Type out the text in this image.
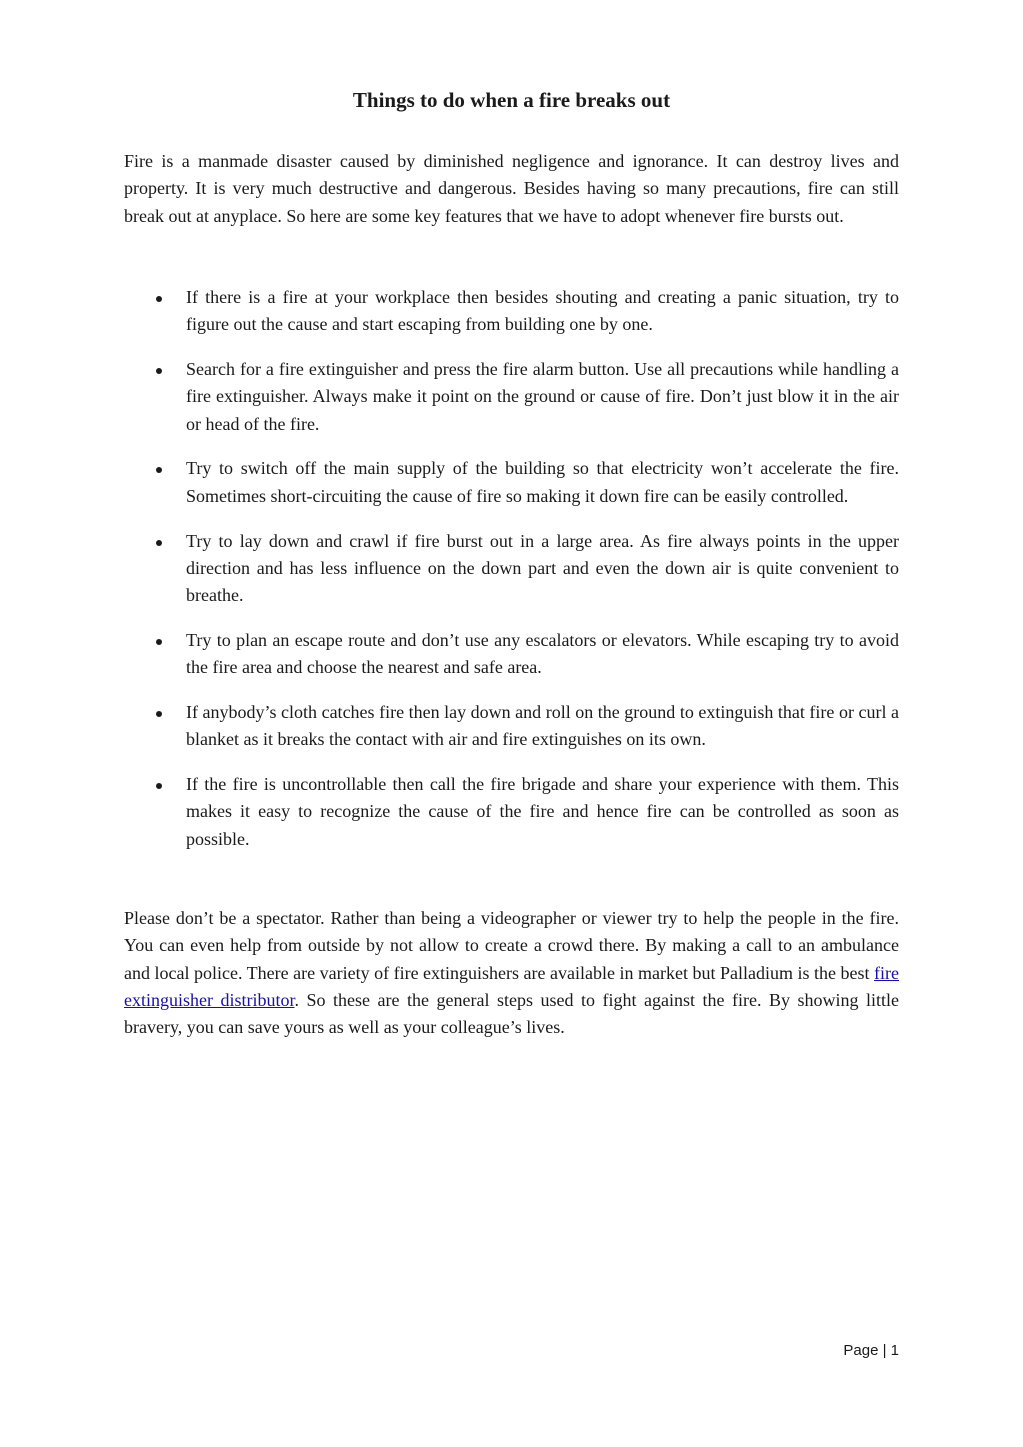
Things to do when a fire breaks out

Fire is a manmade disaster caused by diminished negligence and ignorance. It can destroy lives and property. It is very much destructive and dangerous. Besides having so many precautions, fire can still break out at anyplace. So here are some key features that we have to adopt whenever fire bursts out.

If there is a fire at your workplace then besides shouting and creating a panic situation, try to figure out the cause and start escaping from building one by one.
Search for a fire extinguisher and press the fire alarm button. Use all precautions while handling a fire extinguisher. Always make it point on the ground or cause of fire. Don’t just blow it in the air or head of the fire.
Try to switch off the main supply of the building so that electricity won’t accelerate the fire. Sometimes short-circuiting the cause of fire so making it down fire can be easily controlled.
Try to lay down and crawl if fire burst out in a large area. As fire always points in the upper direction and has less influence on the down part and even the down air is quite convenient to breathe.
Try to plan an escape route and don’t use any escalators or elevators. While escaping try to avoid the fire area and choose the nearest and safe area.
If anybody’s cloth catches fire then lay down and roll on the ground to extinguish that fire or curl a blanket as it breaks the contact with air and fire extinguishes on its own.
If the fire is uncontrollable then call the fire brigade and share your experience with them. This makes it easy to recognize the cause of the fire and hence fire can be controlled as soon as possible.

Please don’t be a spectator. Rather than being a videographer or viewer try to help the people in the fire. You can even help from outside by not allow to create a crowd there. By making a call to an ambulance and local police. There are variety of fire extinguishers are available in market but Palladium is the best fire extinguisher distributor. So these are the general steps used to fight against the fire. By showing little bravery, you can save yours as well as your colleague’s lives.

Page | 1
